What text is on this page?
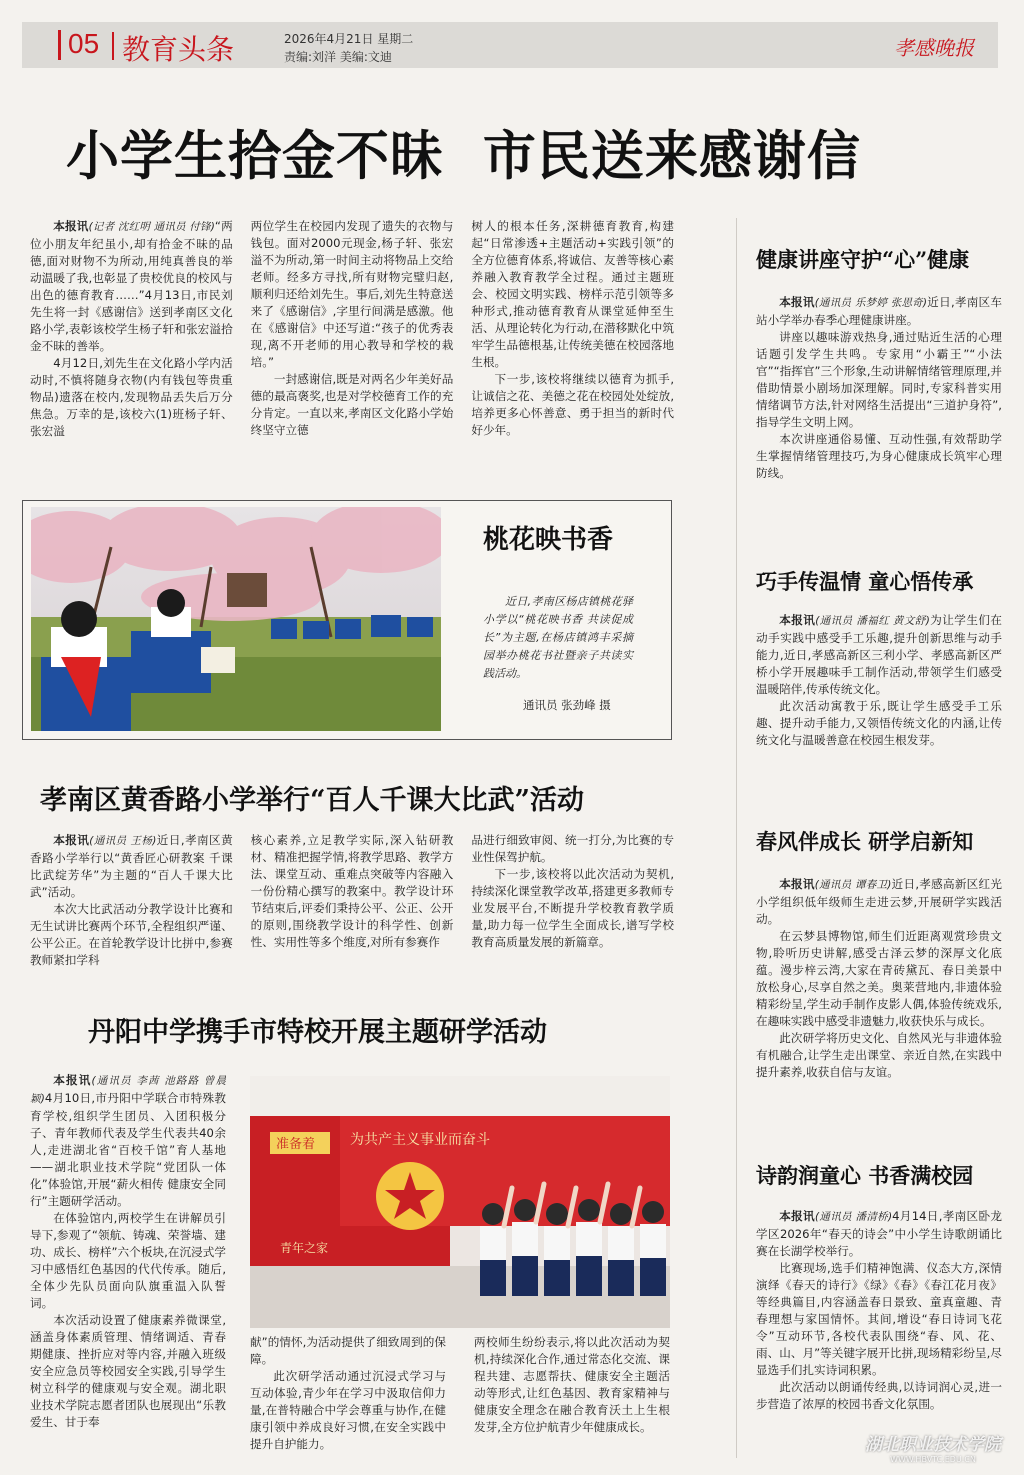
05 教育头条	2026年4月21日 星期二
责编:刘洋 美编:文迪	孝感晚报
小学生拾金不昧  市民送来感谢信

本报讯(记者 沈红明 通讯员 付锋)“两位小朋友年纪虽小,却有拾金不昧的品德,面对财物不为所动,用纯真善良的举动温暖了我,也彰显了贵校优良的校风与出色的德育教育……”4月13日,市民刘先生将一封《感谢信》送到孝南区文化路小学,表彰该校学生杨子轩和张宏溢拾金不昧的善举。

4月12日,刘先生在文化路小学内活动时,不慎将随身衣物(内有钱包等贵重物品)遗落在校内,发现物品丢失后万分焦急。万幸的是,该校六(1)班杨子轩、张宏溢

两位学生在校园内发现了遗失的衣物与钱包。面对2000元现金,杨子轩、张宏溢不为所动,第一时间主动将物品上交给老师。经多方寻找,所有财物完璧归赵,顺利归还给刘先生。事后,刘先生特意送来了《感谢信》,字里行间满是感激。他在《感谢信》中还写道:“孩子的优秀表现,离不开老师的用心教导和学校的栽培。”

一封感谢信,既是对两名少年美好品德的最高褒奖,也是对学校德育工作的充分肯定。一直以来,孝南区文化路小学始终坚守立德

树人的根本任务,深耕德育教育,构建起“日常渗透+主题活动+实践引领”的全方位德育体系,将诚信、友善等核心素养融入教育教学全过程。通过主题班会、校园文明实践、榜样示范引领等多种形式,推动德育教育从课堂延伸至生活、从理论转化为行动,在潜移默化中筑牢学生品德根基,让传统美德在校园落地生根。

下一步,该校将继续以德育为抓手,让诚信之花、美德之花在校园处处绽放,培养更多心怀善意、勇于担当的新时代好少年。

桃花映书香
近日,孝南区杨店镇桃花驿小学以“桃花映书香 共读促成长”为主题,在杨店镇鸿丰采摘园举办桃花书社暨亲子共读实践活动。
通讯员 张劲峰 摄
孝南区黄香路小学举行“百人千课大比武”活动

本报讯(通讯员 王杨)近日,孝南区黄香路小学举行以“黄香匠心研教案 千课比武绽芳华”为主题的“百人千课大比武”活动。

本次大比武活动分教学设计比赛和无生试讲比赛两个环节,全程组织严谨、公平公正。在首轮教学设计比拼中,参赛教师紧扣学科

核心素养,立足教学实际,深入钻研教材、精准把握学情,将教学思路、教学方法、课堂互动、重难点突破等内容融入一份份精心撰写的教案中。教学设计环节结束后,评委们秉持公平、公正、公开的原则,围绕教学设计的科学性、创新性、实用性等多个维度,对所有参赛作

品进行细致审阅、统一打分,为比赛的专业性保驾护航。

下一步,该校将以此次活动为契机,持续深化课堂教学改革,搭建更多教师专业发展平台,不断提升学校教育教学质量,助力每一位学生全面成长,谱写学校教育高质量发展的新篇章。

丹阳中学携手市特校开展主题研学活动

本报讯(通讯员 李茜 池路路 曾晨颖)4月10日,市丹阳中学联合市特殊教育学校,组织学生团员、入团积极分子、青年教师代表及学生代表共40余人,走进湖北省“百校千馆”育人基地——湖北职业技术学院“党团队一体化”体验馆,开展“薪火相传 健康安全同行”主题研学活动。

在体验馆内,两校学生在讲解员引导下,参观了“领航、铸魂、荣誉墙、建功、成长、榜样”六个板块,在沉浸式学习中感悟红色基因的代代传承。随后,全体少先队员面向队旗重温入队誓词。

本次活动设置了健康素养微课堂,涵盖身体素质管理、情绪调适、青春期健康、挫折应对等内容,并融入班级安全应急员等校园安全实践,引导学生树立科学的健康观与安全观。湖北职业技术学院志愿者团队也展现出“乐教爱生、甘于奉

准备着 为共产主义事业而奋斗
青年之家

献”的情怀,为活动提供了细致周到的保障。

此次研学活动通过沉浸式学习与互动体验,青少年在学习中汲取信仰力量,在普特融合中学会尊重与协作,在健康引领中养成良好习惯,在安全实践中提升自护能力。

两校师生纷纷表示,将以此次活动为契机,持续深化合作,通过常态化交流、课程共建、志愿帮扶、健康安全主题活动等形式,让红色基因、教育家精神与健康安全理念在融合教育沃土上生根发芽,全方位护航青少年健康成长。

健康讲座守护“心”健康

本报讯(通讯员 乐梦婷 张思奇)近日,孝南区车站小学举办春季心理健康讲座。

讲座以趣味游戏热身,通过贴近生活的心理话题引发学生共鸣。专家用“小霸王”“小法官”“指挥官”三个形象,生动讲解情绪管理原理,并借助情景小剧场加深理解。同时,专家科普实用情绪调节方法,针对网络生活提出“三道护身符”,指导学生文明上网。

本次讲座通俗易懂、互动性强,有效帮助学生掌握情绪管理技巧,为身心健康成长筑牢心理防线。

巧手传温情 童心悟传承

本报讯(通讯员 潘福红 黄文舒)为让学生们在动手实践中感受手工乐趣,提升创新思维与动手能力,近日,孝感高新区三利小学、孝感高新区严桥小学开展趣味手工制作活动,带领学生们感受温暖陪伴,传承传统文化。

此次活动寓教于乐,既让学生感受手工乐趣、提升动手能力,又领悟传统文化的内涵,让传统文化与温暖善意在校园生根发芽。

春风伴成长 研学启新知

本报讯(通讯员 谭春卫)近日,孝感高新区红光小学组织低年级师生走进云梦,开展研学实践活动。

在云梦县博物馆,师生们近距离观赏珍贵文物,聆听历史讲解,感受古泽云梦的深厚文化底蕴。漫步梓云湾,大家在青砖黛瓦、春日美景中放松身心,尽享自然之美。奥莱营地内,非遗体验精彩纷呈,学生动手制作皮影人偶,体验传统戏乐,在趣味实践中感受非遗魅力,收获快乐与成长。

此次研学将历史文化、自然风光与非遗体验有机融合,让学生走出课堂、亲近自然,在实践中提升素养,收获自信与友谊。

诗韵润童心 书香满校园

本报讯(通讯员 潘清桥)4月14日,孝南区卧龙学区2026年“春天的诗会”中小学生诗歌朗诵比赛在长湖学校举行。

比赛现场,选手们精神饱满、仪态大方,深情演绎《春天的诗行》《绿》《春》《春江花月夜》等经典篇目,内容涵盖春日景致、童真童趣、青春理想与家国情怀。其间,增设“春日诗词飞花令”互动环节,各校代表队围绕“春、风、花、雨、山、月”等关键字展开比拼,现场精彩纷呈,尽显选手们扎实诗词积累。

此次活动以朗诵传经典,以诗词润心灵,进一步营造了浓厚的校园书香文化氛围。

湖北职业技术学院
WWW.HBVTC.EDU.CN
